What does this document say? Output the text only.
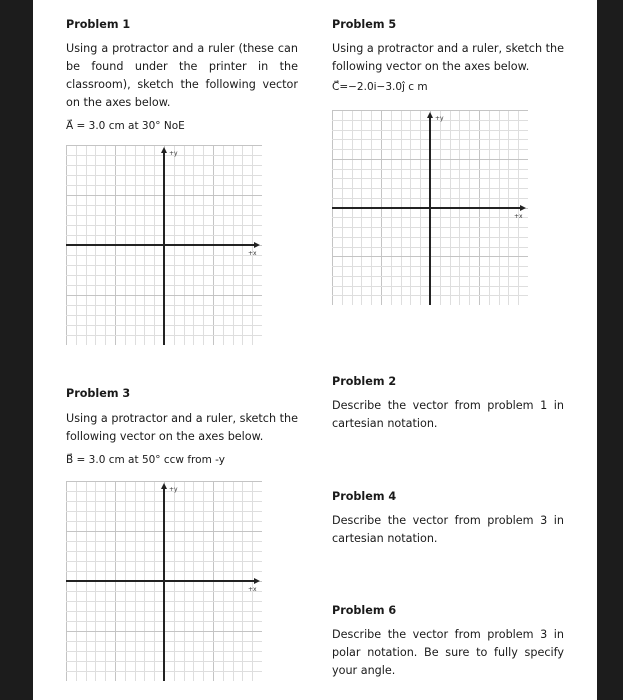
Problem 1
Using a protractor and a ruler (these can be found under the printer in the classroom), sketch the following vector on the axes below.
A⃗ = 3.0 cm at 30° NoE
Problem 5
Using a protractor and a ruler, sketch the following vector on the axes below.
C⃗=−2.0i−3.0ĵ c m
Problem 3
Using a protractor and a ruler, sketch the following vector on the axes below.
B⃗ = 3.0 cm at 50° ccw from -y
Problem 2
Describe the vector from problem 1 in cartesian notation.
Problem 4
Describe the vector from problem 3 in cartesian notation.
Problem 6
Describe the vector from problem 3 in polar notation. Be sure to fully specify your angle.
+y
+x
+y
+x
+y
+x
